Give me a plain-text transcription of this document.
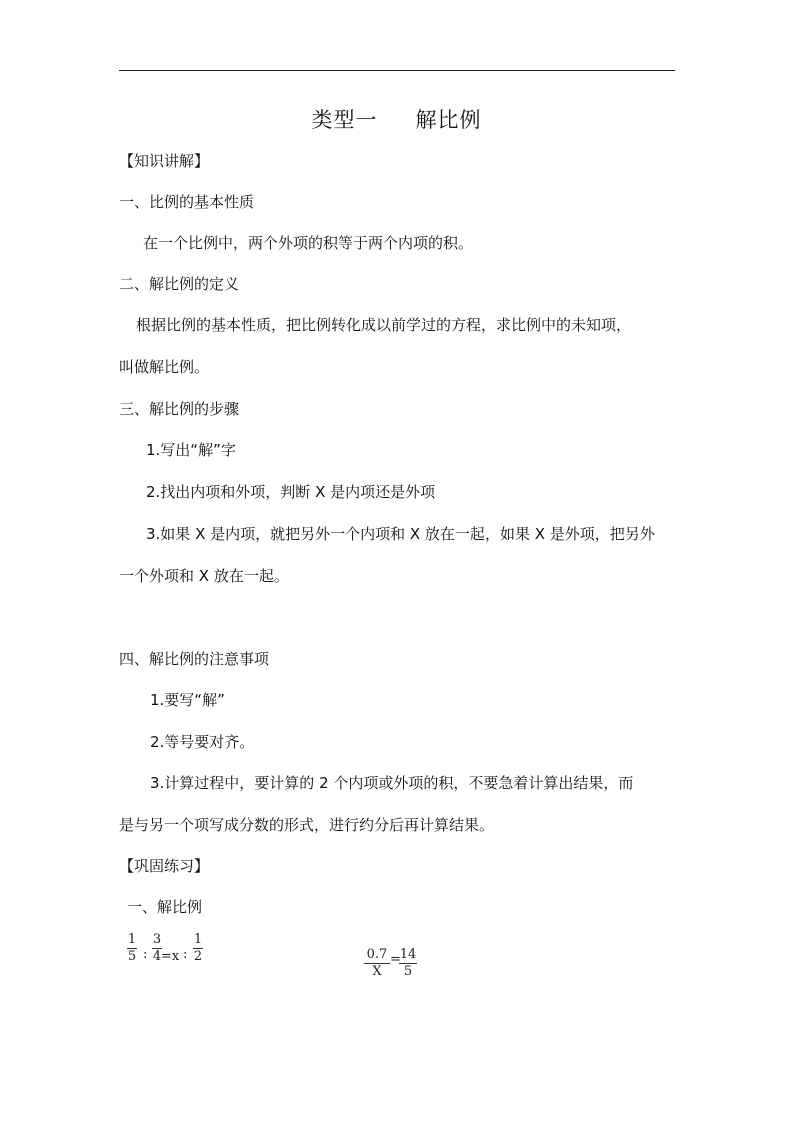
类型一 解比例
【知识讲解】
一、比例的基本性质
在一个比例中，两个外项的积等于两个内项的积。
二、解比例的定义
根据比例的基本性质，把比例转化成以前学过的方程，求比例中的未知项，
叫做解比例。
三、解比例的步骤
1.写出“解”字
2.找出内项和外项，判断 X 是内项还是外项
3.如果 X 是内项，就把另外一个内项和 X 放在一起，如果 X 是外项，把另外
一个外项和 X 放在一起。
四、解比例的注意事项
1.要写“解”
2.等号要对齐。
3.计算过程中，要计算的 2 个内项或外项的积，不要急着计算出结果，而
是与另一个项写成分数的形式，进行约分后再计算结果。
【巩固练习】
一、解比例
1
5 :
3
4 =x :
1
2	0.7
X
=
14
5
